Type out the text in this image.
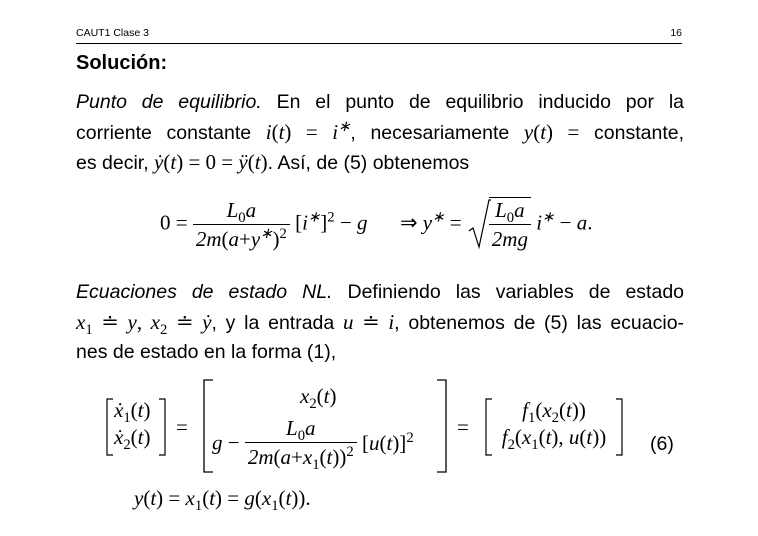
CAUT1 Clase 3	16
Solución:
Punto de equilibrio. En el punto de equilibrio inducido por la
corriente constante i(t) = i∗, necesariamente y(t) = constante,
es decir, ẏ(t) = 0 = ÿ(t). Así, de (5) obtenemos
$0 = \frac{L_0a}{2m(a+y^∗)^2} [i^∗]^2 - g$  ⇒ $y^∗ = \frac{L_0a}{2mg} i^∗ - a$.
Ecuaciones de estado NL. Definiendo las variables de estado
$x_1$ ≐ y, $x_2$ ≐ ẏ, y la entrada u ≐ i, obtenemos de (5) las ecuacio-
nes de estado en la forma (1),
ẋ$_1$(t)
ẋ$_2$(t) =
$x_2(t)$
$g - \frac{L_0a}{2m(a+x_1(t))^2} [u(t)]^2$ =
$f_1(x_2(t))$
$f_2(x_1(t)$, u(t))	(6)
$y(t) = x_1(t) = g(x_1(t))$.
